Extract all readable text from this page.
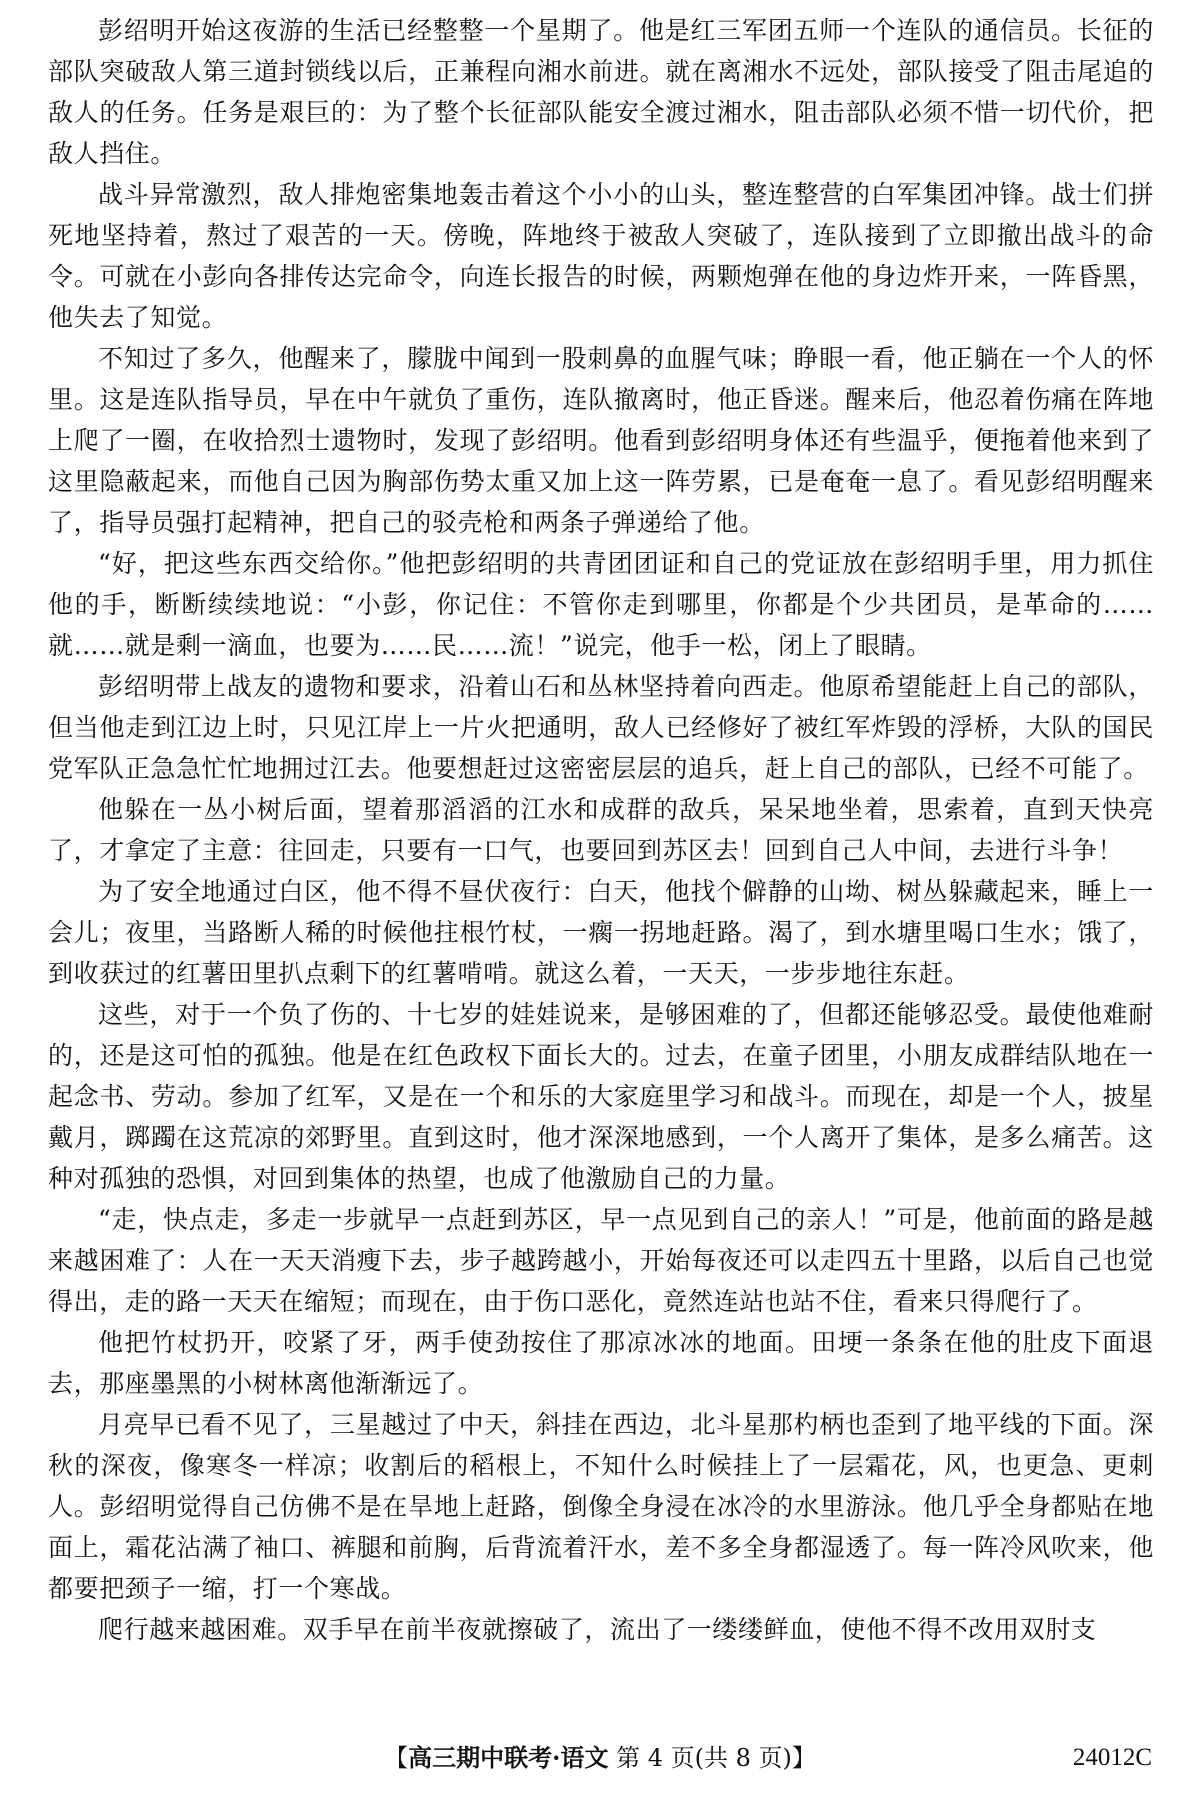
彭绍明开始这夜游的生活已经整整一个星期了。他是红三军团五师一个连队的通信员。长征的部队突破敌人第三道封锁线以后，正兼程向湘水前进。就在离湘水不远处，部队接受了阻击尾追的敌人的任务。任务是艰巨的：为了整个长征部队能安全渡过湘水，阻击部队必须不惜一切代价，把敌人挡住。

战斗异常激烈，敌人排炮密集地轰击着这个小小的山头，整连整营的白军集团冲锋。战士们拼死地坚持着，熬过了艰苦的一天。傍晚，阵地终于被敌人突破了，连队接到了立即撤出战斗的命令。可就在小彭向各排传达完命令，向连长报告的时候，两颗炮弹在他的身边炸开来，一阵昏黑，他失去了知觉。

不知过了多久，他醒来了，朦胧中闻到一股刺鼻的血腥气味；睁眼一看，他正躺在一个人的怀里。这是连队指导员，早在中午就负了重伤，连队撤离时，他正昏迷。醒来后，他忍着伤痛在阵地上爬了一圈，在收拾烈士遗物时，发现了彭绍明。他看到彭绍明身体还有些温乎，便拖着他来到了这里隐蔽起来，而他自己因为胸部伤势太重又加上这一阵劳累，已是奄奄一息了。看见彭绍明醒来了，指导员强打起精神，把自己的驳壳枪和两条子弹递给了他。

“好，把这些东西交给你。”他把彭绍明的共青团团证和自己的党证放在彭绍明手里，用力抓住他的手，断断续续地说：“小彭，你记住：不管你走到哪里，你都是个少共团员，是革命的……就……就是剩一滴血，也要为……民……流！”说完，他手一松，闭上了眼睛。

彭绍明带上战友的遗物和要求，沿着山石和丛林坚持着向西走。他原希望能赶上自己的部队，但当他走到江边上时，只见江岸上一片火把通明，敌人已经修好了被红军炸毁的浮桥，大队的国民党军队正急急忙忙地拥过江去。他要想赶过这密密层层的追兵，赶上自己的部队，已经不可能了。

他躲在一丛小树后面，望着那滔滔的江水和成群的敌兵，呆呆地坐着，思索着，直到天快亮了，才拿定了主意：往回走，只要有一口气，也要回到苏区去！回到自己人中间，去进行斗争！

为了安全地通过白区，他不得不昼伏夜行：白天，他找个僻静的山坳、树丛躲藏起来，睡上一会儿；夜里，当路断人稀的时候他拄根竹杖，一瘸一拐地赶路。渴了，到水塘里喝口生水；饿了，到收获过的红薯田里扒点剩下的红薯啃啃。就这么着，一天天，一步步地往东赶。

这些，对于一个负了伤的、十七岁的娃娃说来，是够困难的了，但都还能够忍受。最使他难耐的，还是这可怕的孤独。他是在红色政权下面长大的。过去，在童子团里，小朋友成群结队地在一起念书、劳动。参加了红军，又是在一个和乐的大家庭里学习和战斗。而现在，却是一个人，披星戴月，踯躅在这荒凉的郊野里。直到这时，他才深深地感到，一个人离开了集体，是多么痛苦。这种对孤独的恐惧，对回到集体的热望，也成了他激励自己的力量。

“走，快点走，多走一步就早一点赶到苏区，早一点见到自己的亲人！”可是，他前面的路是越来越困难了：人在一天天消瘦下去，步子越跨越小，开始每夜还可以走四五十里路，以后自己也觉得出，走的路一天天在缩短；而现在，由于伤口恶化，竟然连站也站不住，看来只得爬行了。

他把竹杖扔开，咬紧了牙，两手使劲按住了那凉冰冰的地面。田埂一条条在他的肚皮下面退去，那座墨黑的小树林离他渐渐远了。

月亮早已看不见了，三星越过了中天，斜挂在西边，北斗星那杓柄也歪到了地平线的下面。深秋的深夜，像寒冬一样凉；收割后的稻根上，不知什么时候挂上了一层霜花，风，也更急、更刺人。彭绍明觉得自己仿佛不是在旱地上赶路，倒像全身浸在冰冷的水里游泳。他几乎全身都贴在地面上，霜花沾满了袖口、裤腿和前胸，后背流着汗水，差不多全身都湿透了。每一阵冷风吹来，他都要把颈子一缩，打一个寒战。

爬行越来越困难。双手早在前半夜就擦破了，流出了一缕缕鲜血，使他不得不改用双肘支

【高三期中联考·语文 第 4 页(共 8 页)】	24012C
